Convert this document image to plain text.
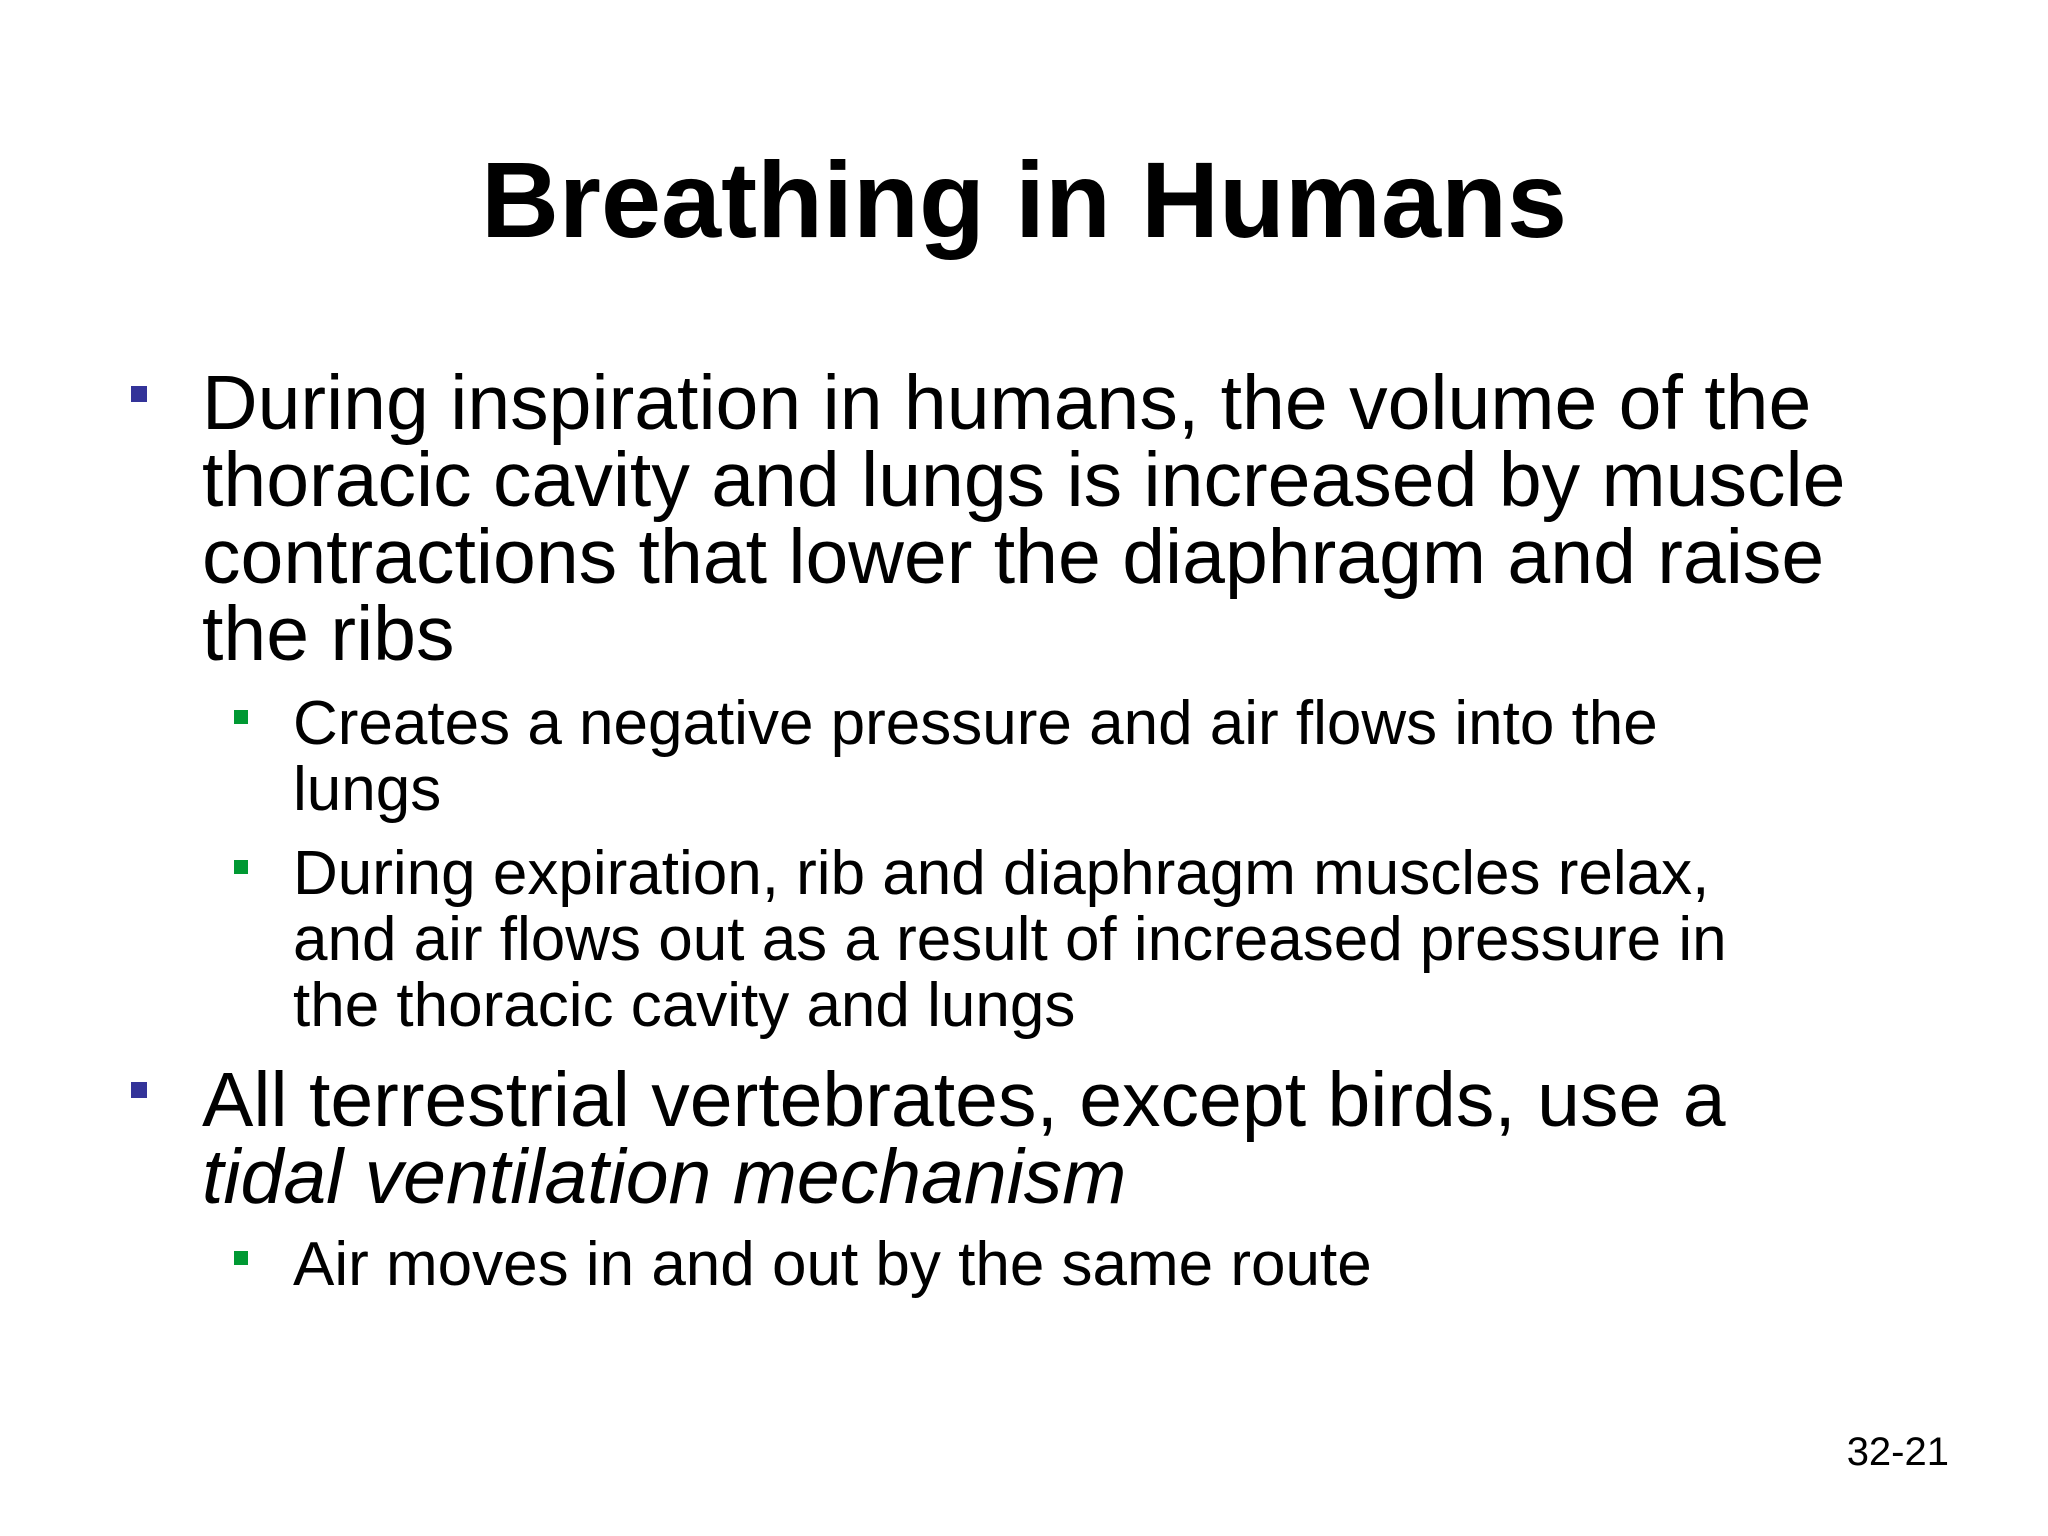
Breathing in Humans
During inspiration in humans, the volume of the
thoracic cavity and lungs is increased by muscle
contractions that lower the diaphragm and raise
the ribs
Creates a negative pressure and air flows into the
lungs
During expiration, rib and diaphragm muscles relax,
and air flows out as a result of increased pressure in
the thoracic cavity and lungs
All terrestrial vertebrates, except birds, use a
tidal ventilation mechanism
Air moves in and out by the same route
32-21
